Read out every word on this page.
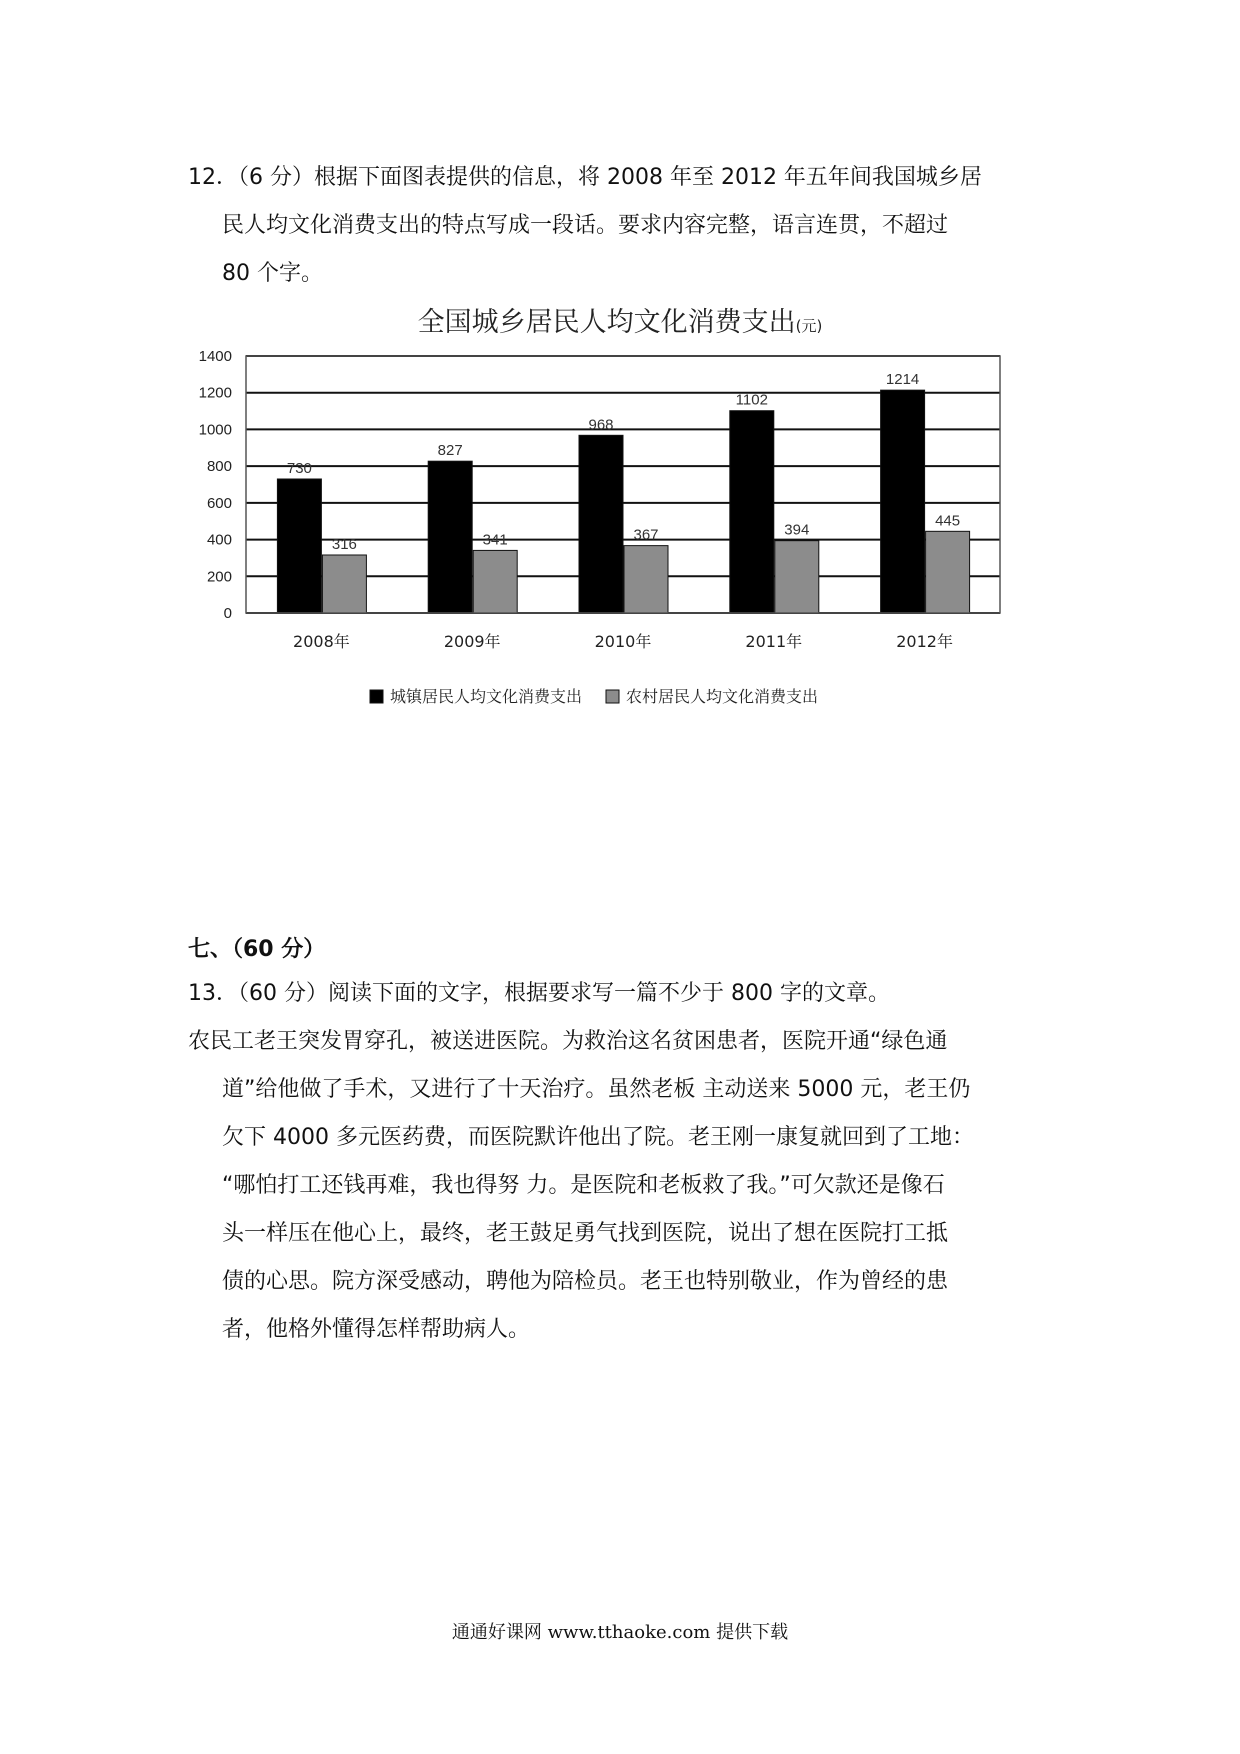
12．（6 分）根据下面图表提供的信息，将 2008 年至 2012 年五年间我国城乡居
民人均文化消费支出的特点写成一段话。要求内容完整，语言连贯，不超过
80 个字。
全国城乡居民人均文化消费支出(元)
0
200
400
600
800
1000
1200
1400
730
316
827
341
968
367
1102
394
1214
445
2008年	2009年	2010年	2011年	2012年
城镇居民人均文化消费支出	农村居民人均文化消费支出
七、（60 分）
13．（60 分）阅读下面的文字，根据要求写一篇不少于 800 字的文章。
农民工老王突发胃穿孔，被送进医院。为救治这名贫困患者，医院开通“绿色通
道”给他做了手术，又进行了十天治疗。虽然老板 主动送来 5000 元，老王仍
欠下 4000 多元医药费，而医院默许他出了院。老王刚一康复就回到了工地：
“哪怕打工还钱再难，我也得努 力。是医院和老板救了我。”可欠款还是像石
头一样压在他心上，最终，老王鼓足勇气找到医院，说出了想在医院打工抵
债的心思。院方深受感动，聘他为陪检员。老王也特别敬业，作为曾经的患
者，他格外懂得怎样帮助病人。
通通好课网 www.tthaoke.com 提供下载
